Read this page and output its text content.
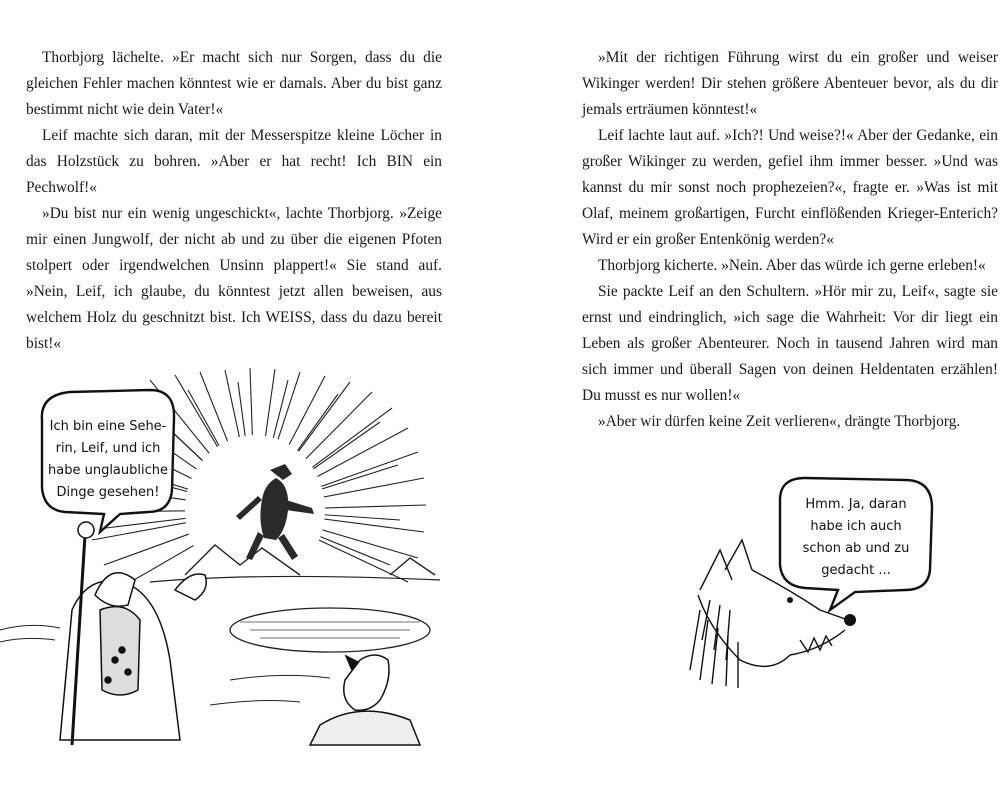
Thorbjorg lächelte. »Er macht sich nur Sorgen, dass du die gleichen Fehler machen könntest wie er damals. Aber du bist ganz bestimmt nicht wie dein Vater!«

Leif machte sich daran, mit der Messerspitze kleine Löcher in das Holzstück zu bohren. »Aber er hat recht! Ich BIN ein Pechwolf!«

»Du bist nur ein wenig ungeschickt«, lachte Thorbjorg. »Zeige mir einen Jungwolf, der nicht ab und zu über die eigenen Pfoten stolpert oder irgendwelchen Unsinn plappert!« Sie stand auf. »Nein, Leif, ich glaube, du könntest jetzt allen beweisen, aus welchem Holz du geschnitzt bist. Ich WEISS, dass du dazu bereit bist!«

Ich bin eine Sehe-
rin, Leif, und ich
habe unglaubliche
Dinge gesehen!

»Mit der richtigen Führung wirst du ein großer und weiser Wikinger werden! Dir stehen größere Abenteuer bevor, als du dir jemals erträumen könntest!«

Leif lachte laut auf. »Ich?! Und weise?!« Aber der Gedanke, ein großer Wikinger zu werden, gefiel ihm immer besser. »Und was kannst du mir sonst noch prophezeien?«, fragte er. »Was ist mit Olaf, meinem großartigen, Furcht einflößenden Krieger-Enterich? Wird er ein großer Entenkönig werden?«

Thorbjorg kicherte. »Nein. Aber das würde ich gerne erleben!«

Sie packte Leif an den Schultern. »Hör mir zu, Leif«, sagte sie ernst und eindringlich, »ich sage die Wahrheit: Vor dir liegt ein Leben als großer Abenteurer. Noch in tausend Jahren wird man sich immer und überall Sagen von deinen Heldentaten erzählen! Du musst es nur wollen!«

»Aber wir dürfen keine Zeit verlieren«, drängte Thorbjorg.

Hmm. Ja, daran
habe ich auch
schon ab und zu
gedacht ...
